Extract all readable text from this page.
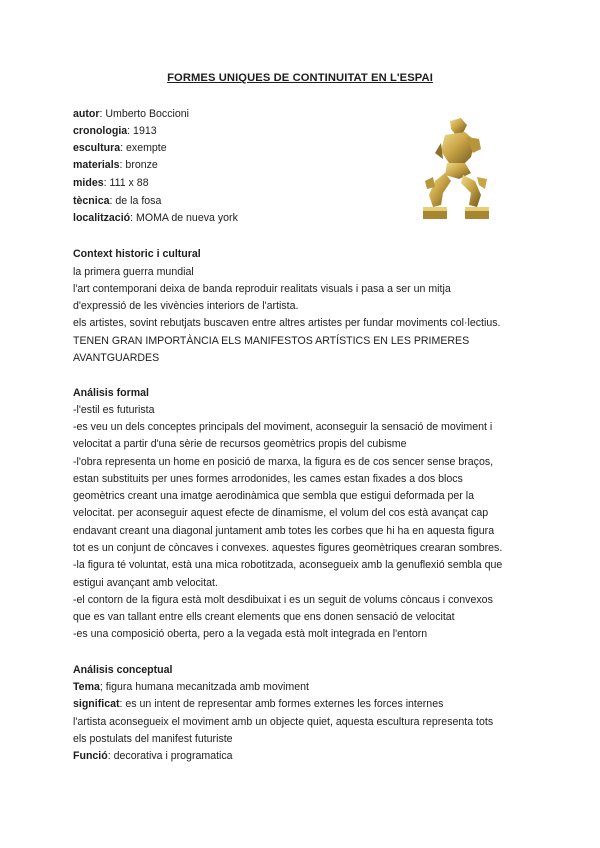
FORMES UNIQUES DE CONTINUITAT EN L'ESPAI
autor: Umberto Boccioni
cronologia: 1913
escultura: exempte
materials: bronze
mides: 111 x 88
tècnica: de la fosa
localització: MOMA de nueva york
Context historic i cultural
la primera guerra mundial
l'art contemporani deixa de banda reproduir realitats visuals i pasa a ser un mitja
d'expressió de les vivències interiors de l'artista.
els artistes, sovint rebutjats buscaven entre altres artistes per fundar moviments col·lectius.
TENEN GRAN IMPORTÀNCIA ELS MANIFESTOS ARTÍSTICS EN LES PRIMERES
AVANTGUARDES
Análisis formal
-l'estil es futurista
-es veu un dels conceptes principals del moviment, aconseguir la sensació de moviment i
velocitat a partir d'una sèrie de recursos geomètrics propis del cubisme
-l'obra representa un home en posició de marxa, la figura es de cos sencer sense braços,
estan substituits per unes formes arrodonides, les cames estan fixades a dos blocs
geomètrics creant una imatge aerodinàmica que sembla que estigui deformada per la
velocitat. per aconseguir aquest efecte de dinamisme, el volum del cos està avançat cap
endavant creant una diagonal juntament amb totes les corbes que hi ha en aquesta figura
tot es un conjunt de còncaves i convexes. aquestes figures geomètriques crearan sombres.
-la figura té voluntat, està una mica robotitzada, aconsegueix amb la genuflexió sembla que
estigui avançant amb velocitat.
-el contorn de la figura està molt desdibuixat i es un seguit de volums còncaus i convexos
que es van tallant entre ells creant elements que ens donen sensació de velocitat
-es una composició oberta, pero a la vegada està molt integrada en l'entorn
Análisis conceptual
Tema; figura humana mecanitzada amb moviment
significat: es un intent de representar amb formes externes les forces internes
l'artista aconsegueix el moviment amb un objecte quiet, aquesta escultura representa tots
els postulats del manifest futuriste
Funció: decorativa i programatica
